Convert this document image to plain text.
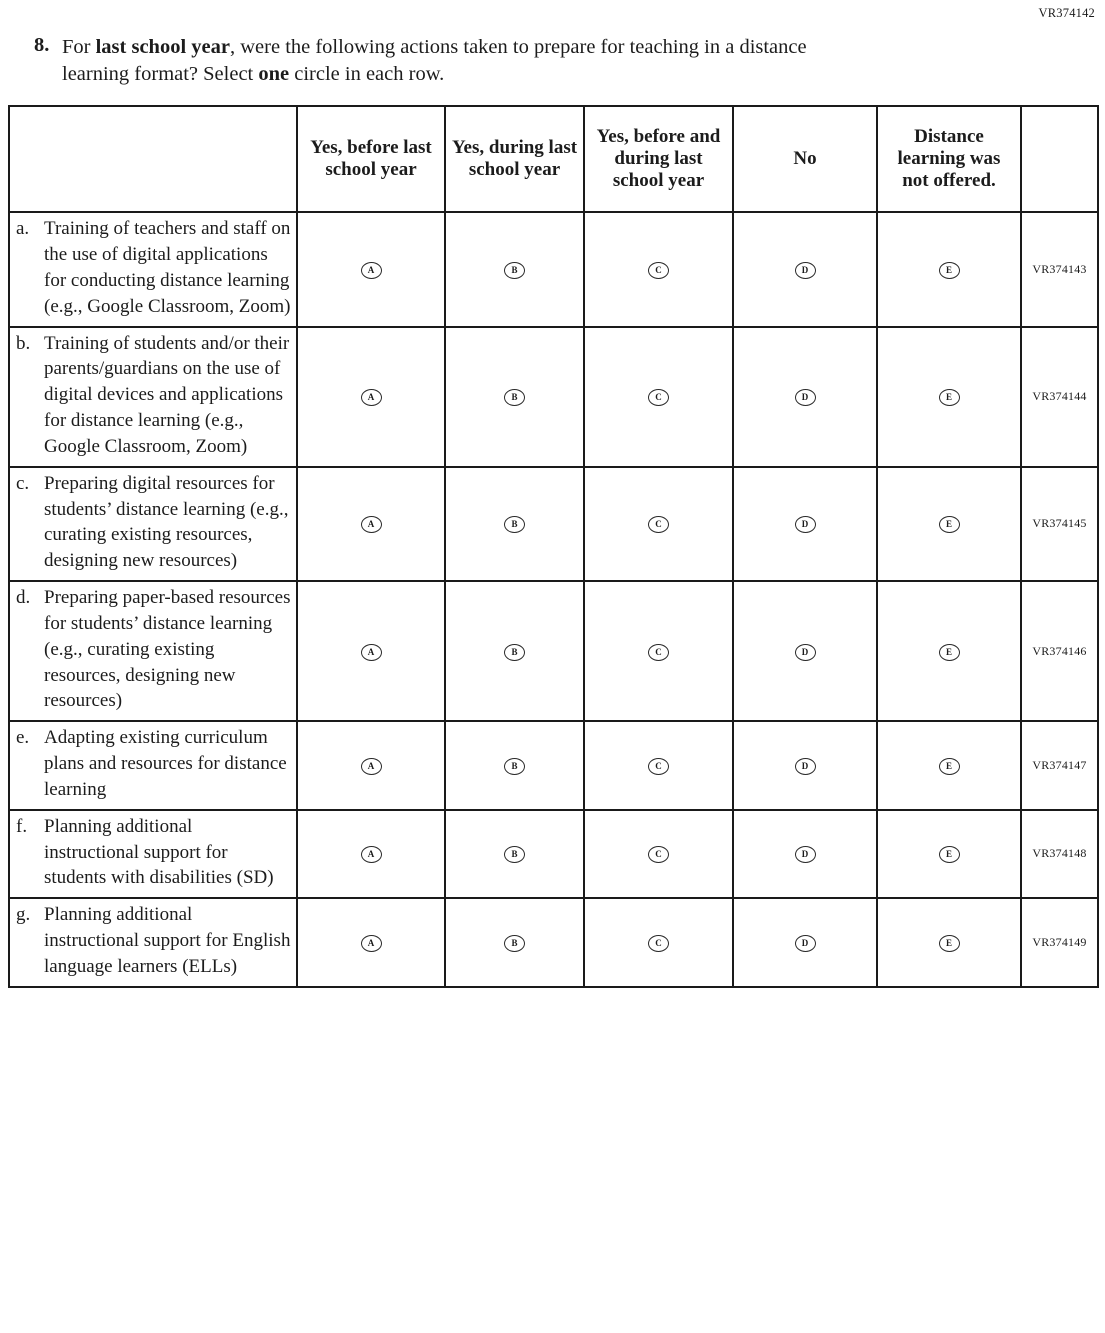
VR374142
8. For last school year, were the following actions taken to prepare for teaching in a distance learning format? Select one circle in each row.
	Yes, before last school year	Yes, during last school year	Yes, before and during last school year	No	Distance learning was not offered.	

a. Training of teachers and staff on the use of digital applications for conducting distance learning (e.g., Google Classroom, Zoom)	A	B	C	D	E	VR374143

b. Training of students and/or their parents/guardians on the use of digital devices and applications for distance learning (e.g., Google Classroom, Zoom)	A	B	C	D	E	VR374144

c. Preparing digital resources for students’ distance learning (e.g., curating existing resources, designing new resources)	A	B	C	D	E	VR374145

d. Preparing paper-based resources for students’ distance learning (e.g., curating existing resources, designing new resources)	A	B	C	D	E	VR374146

e. Adapting existing curriculum plans and resources for distance learning	A	B	C	D	E	VR374147

f. Planning additional instructional support for students with disabilities (SD)	A	B	C	D	E	VR374148

g. Planning additional instructional support for English language learners (ELLs)	A	B	C	D	E	VR374149
